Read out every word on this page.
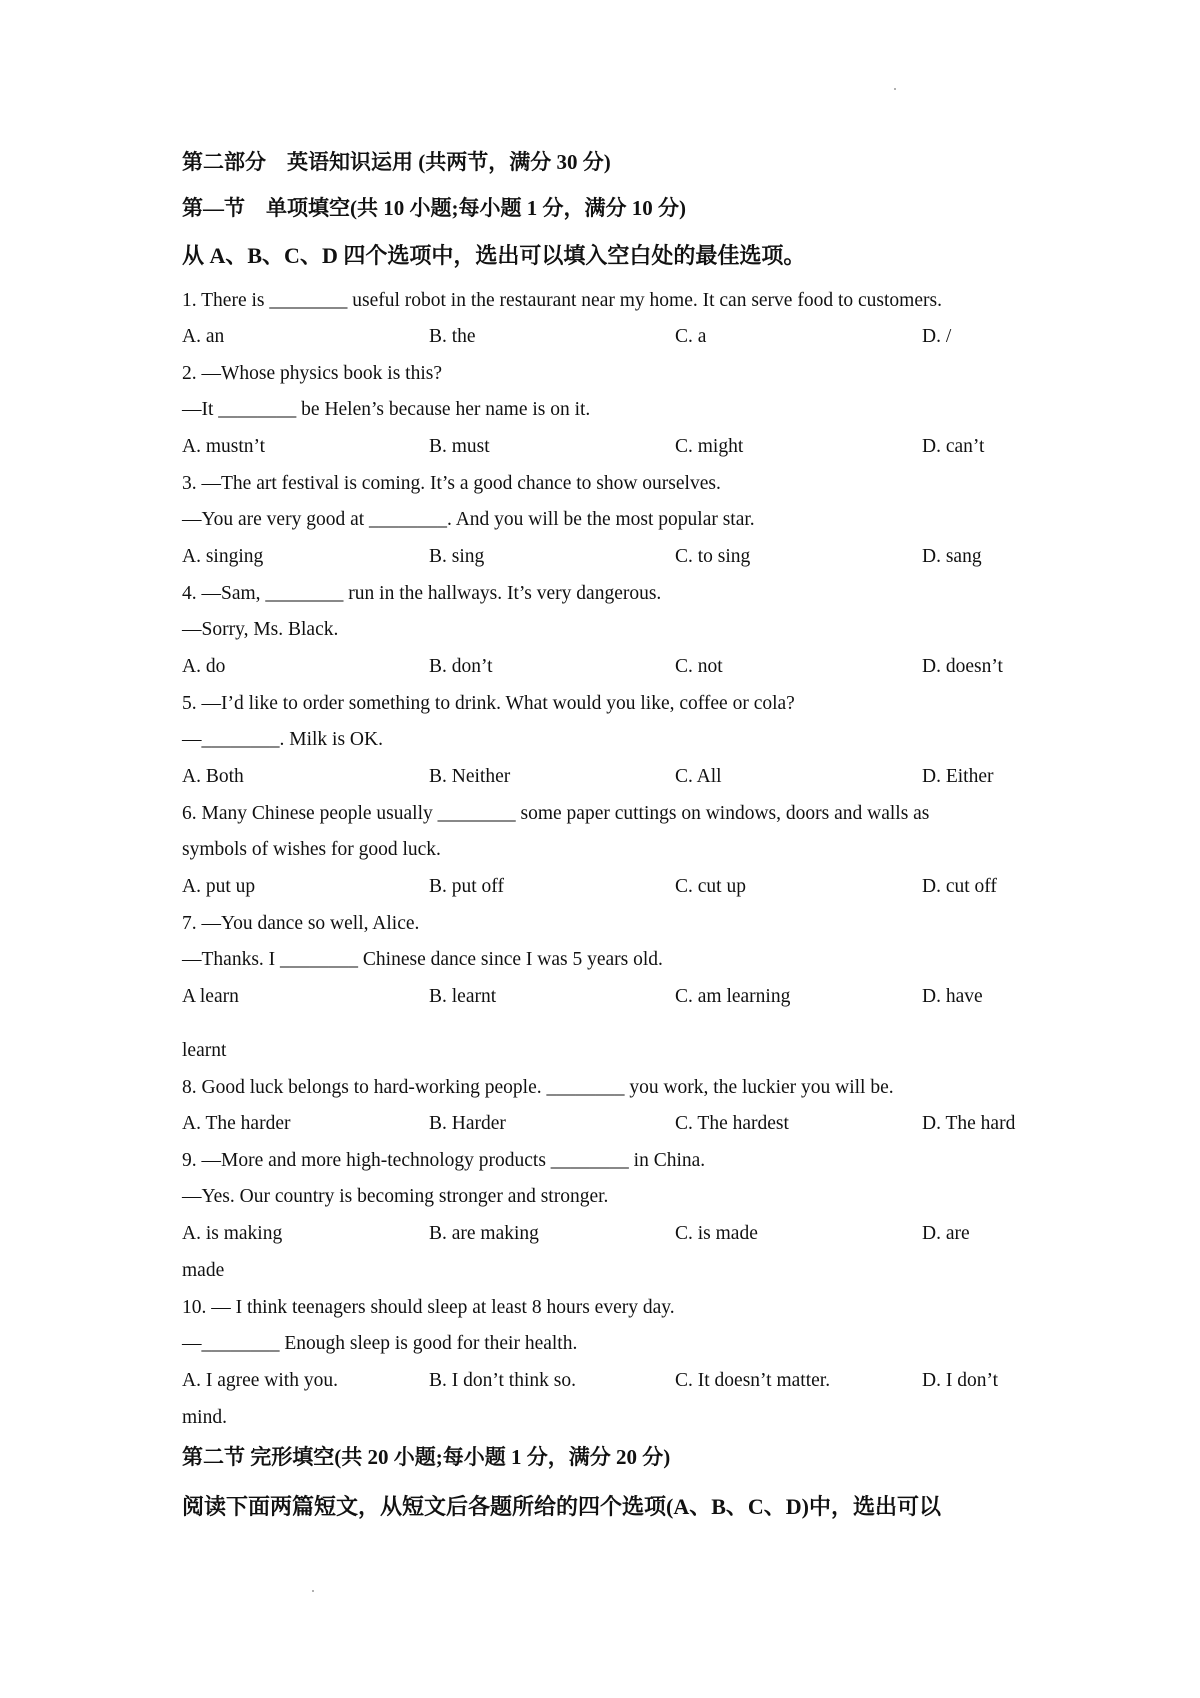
第二部分　英语知识运用 (共两节，满分 30 分)
第—节　单项填空(共 10 小题;每小题 1 分，满分 10 分)
从 A、B、C、D 四个选项中，选出可以填入空白处的最佳选项。
1. There is ________ useful robot in the restaurant near my home. It can serve food to customers.
A. an	B. the	C. a	D. /
2. —Whose physics book is this?
—It ________ be Helen’s because her name is on it.
A. mustn’t	B. must	C. might	D. can’t
3. —The art festival is coming. It’s a good chance to show ourselves.
—You are very good at ________. And you will be the most popular star.
A. singing	B. sing	C. to sing	D. sang
4. —Sam, ________ run in the hallways. It’s very dangerous.
—Sorry, Ms. Black.
A. do	B. don’t	C. not	D. doesn’t
5. —I’d like to order something to drink. What would you like, coffee or cola?
—________. Milk is OK.
A. Both	B. Neither	C. All	D. Either
6. Many Chinese people usually ________ some paper cuttings on windows, doors and walls as
symbols of wishes for good luck.
A. put up	B. put off	C. cut up	D. cut off
7. —You dance so well, Alice.
—Thanks. I ________ Chinese dance since I was 5 years old.
A learn	B. learnt	C. am learning	D. have
learnt
8. Good luck belongs to hard-working people. ________ you work, the luckier you will be.
A. The harder	B. Harder	C. The hardest	D. The hard
9. —More and more high-technology products ________ in China.
—Yes. Our country is becoming stronger and stronger.
A. is making	B. are making	C. is made	D. are
made
10. — I think teenagers should sleep at least 8 hours every day.
—________ Enough sleep is good for their health.
A. I agree with you.	B. I don’t think so.	C. It doesn’t matter.	D. I don’t
mind.
第二节 完形填空(共 20 小题;每小题 1 分，满分 20 分)
阅读下面两篇短文，从短文后各题所给的四个选项(A、B、C、D)中，选出可以
